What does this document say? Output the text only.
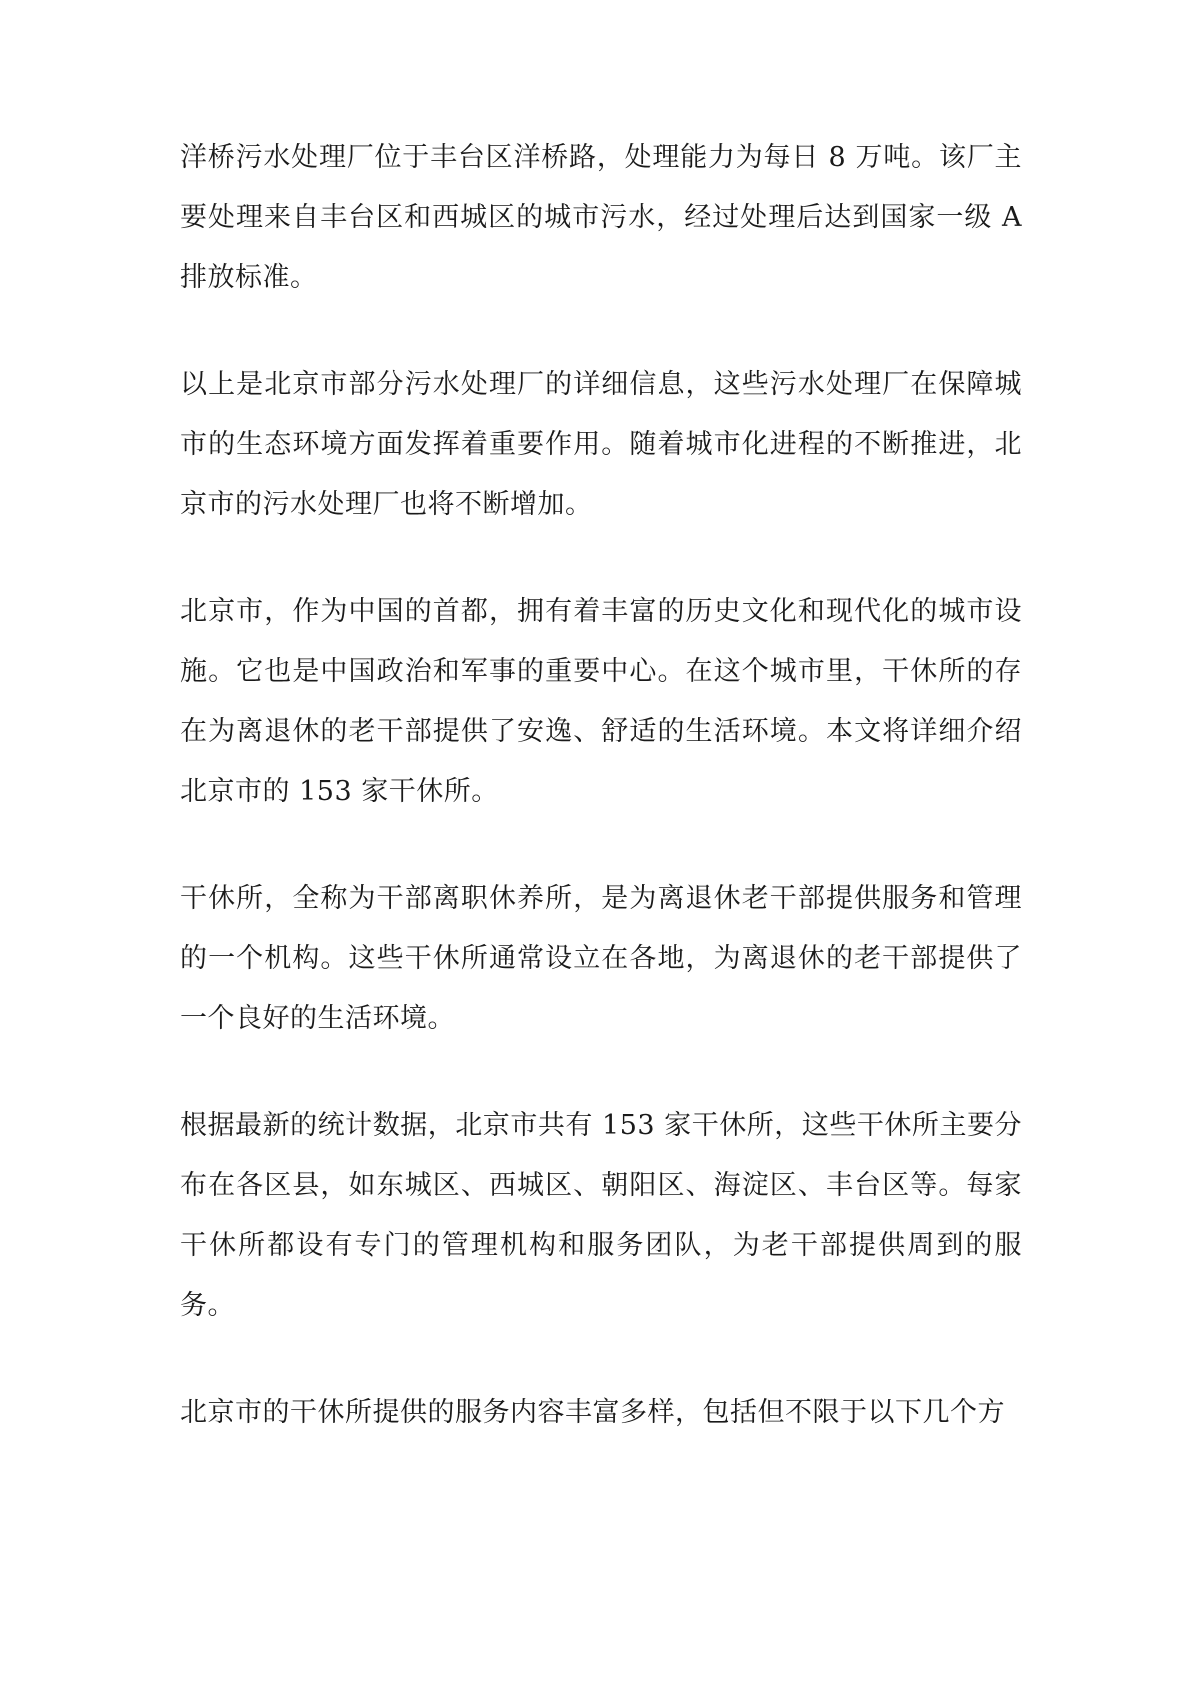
洋桥污水处理厂位于丰台区洋桥路，处理能力为每日 8 万吨。该厂主要处理来自丰台区和西城区的城市污水，经过处理后达到国家一级 A 排放标准。

以上是北京市部分污水处理厂的详细信息，这些污水处理厂在保障城市的生态环境方面发挥着重要作用。随着城市化进程的不断推进，北京市的污水处理厂也将不断增加。

北京市，作为中国的首都，拥有着丰富的历史文化和现代化的城市设施。它也是中国政治和军事的重要中心。在这个城市里，干休所的存在为离退休的老干部提供了安逸、舒适的生活环境。本文将详细介绍北京市的 153 家干休所。

干休所，全称为干部离职休养所，是为离退休老干部提供服务和管理的一个机构。这些干休所通常设立在各地，为离退休的老干部提供了一个良好的生活环境。

根据最新的统计数据，北京市共有 153 家干休所，这些干休所主要分布在各区县，如东城区、西城区、朝阳区、海淀区、丰台区等。每家干休所都设有专门的管理机构和服务团队，为老干部提供周到的服务。

北京市的干休所提供的服务内容丰富多样，包括但不限于以下几个方
